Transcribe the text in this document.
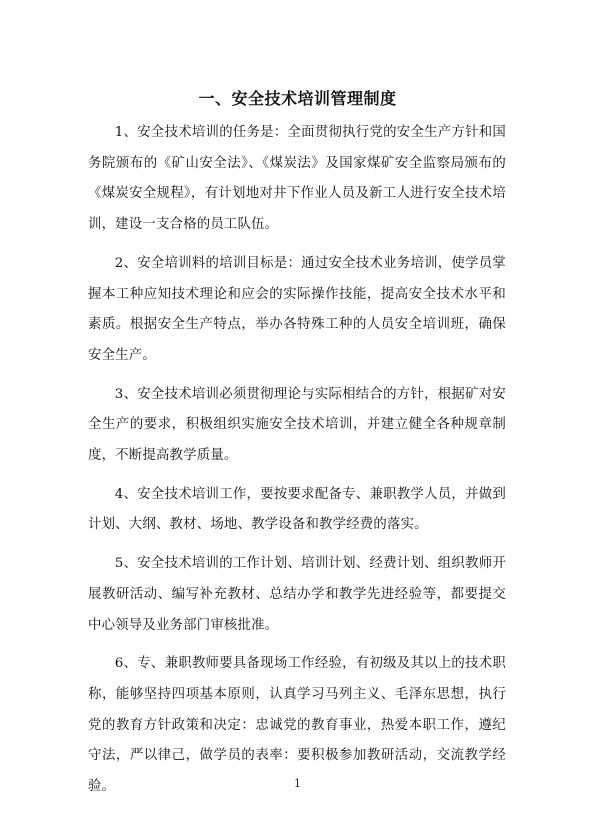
一、安全技术培训管理制度

1、安全技术培训的任务是：全面贯彻执行党的安全生产方针和国务院颁布的《矿山安全法》、《煤炭法》及国家煤矿安全监察局颁布的《煤炭安全规程》，有计划地对井下作业人员及新工人进行安全技术培训，建设一支合格的员工队伍。

2、安全培训料的培训目标是：通过安全技术业务培训，使学员掌握本工种应知技术理论和应会的实际操作技能，提高安全技术水平和素质。根据安全生产特点，举办各特殊工种的人员安全培训班，确保安全生产。

3、安全技术培训必须贯彻理论与实际相结合的方针，根据矿对安全生产的要求，积极组织实施安全技术培训，并建立健全各种规章制度，不断提高教学质量。

4、安全技术培训工作，要按要求配备专、兼职教学人员，并做到计划、大纲、教材、场地、教学设备和教学经费的落实。

5、安全技术培训的工作计划、培训计划、经费计划、组织教师开展教研活动、编写补充教材、总结办学和教学先进经验等，都要提交中心领导及业务部门审核批准。

6、专、兼职教师要具备现场工作经验，有初级及其以上的技术职称，能够坚持四项基本原则，认真学习马列主义、毛泽东思想，执行党的教育方针政策和决定：忠诚党的教育事业，热爱本职工作，遵纪守法，严以律己，做学员的表率：要积极参加教研活动，交流教学经验。	1
